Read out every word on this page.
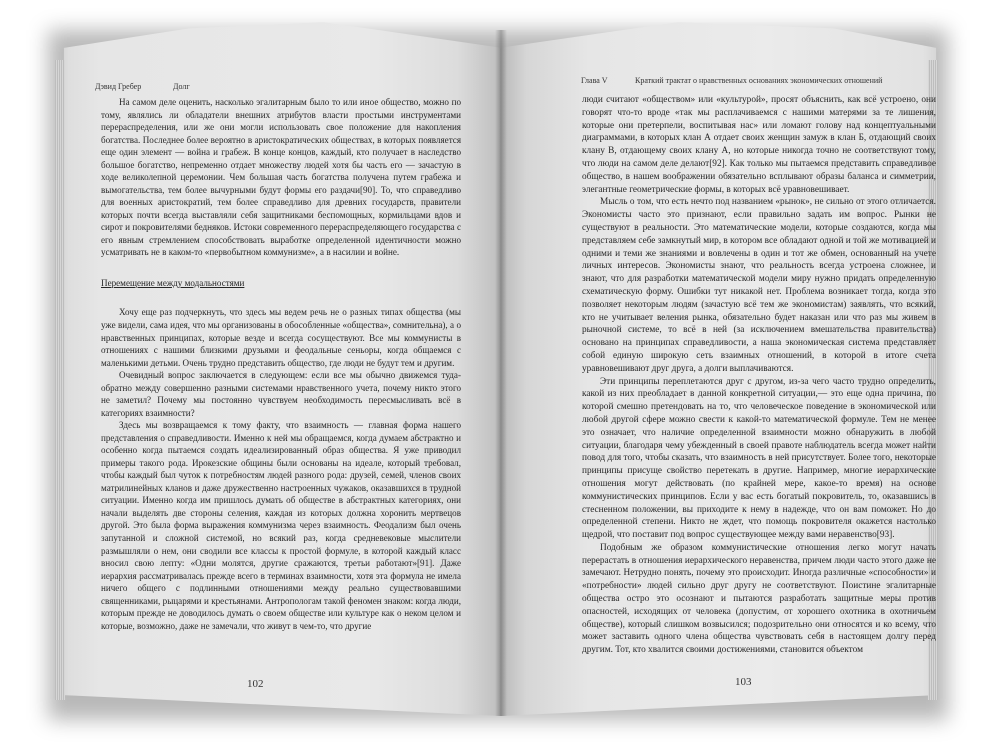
Дэвид Гребер	Долг

На самом деле оценить, насколько эгалитарным было то или иное общество, можно по тому, являлись ли обладатели внешних атрибутов власти простыми инструментами перераспределения, или же они могли использовать свое положение для накопления богатства. Последнее более вероятно в аристократических обществах, в которых появляется еще один элемент — война и грабеж. В конце концов, каждый, кто получает в наследство большое богатство, непременно отдает множеству людей хотя бы часть его — зачастую в ходе великолепной церемонии. Чем большая часть богатства получена путем грабежа и вымогательства, тем более вычурными будут формы его раздачи[90]. То, что справедливо для военных аристократий, тем более справедливо для древних государств, правители которых почти всегда выставляли себя защитниками беспомощных, кормильцами вдов и сирот и покровителями бедняков. Истоки современного перераспределяющего государства с его явным стремлением способствовать выработке определенной идентичности можно усматривать не в каком-то «первобытном коммунизме», а в насилии и войне.

Перемещение между модальностями

Хочу еще раз подчеркнуть, что здесь мы ведем речь не о разных типах общества (мы уже видели, сама идея, что мы организованы в обособленные «общества», сомнительна), а о нравственных принципах, которые везде и всегда сосуществуют. Все мы коммунисты в отношениях с нашими близкими друзьями и феодальные сеньоры, когда общаемся с маленькими детьми. Очень трудно представить общество, где люди не будут тем и другим.

Очевидный вопрос заключается в следующем: если все мы обычно движемся туда-обратно между совершенно разными системами нравственного учета, почему никто этого не заметил? Почему мы постоянно чувствуем необходимость пересмысливать всё в категориях взаимности?

Здесь мы возвращаемся к тому факту, что взаимность — главная форма нашего представления о справедливости. Именно к ней мы обращаемся, когда думаем абстрактно и особенно когда пытаемся создать идеализированный образ общества. Я уже приводил примеры такого рода. Ирокезские общины были основаны на идеале, который требовал, чтобы каждый был чуток к потребностям людей разного рода: друзей, семей, членов своих матрилинейных кланов и даже дружественно настроенных чужаков, оказавшихся в трудной ситуации. Именно когда им пришлось думать об обществе в абстрактных категориях, они начали выделять две стороны селения, каждая из которых должна хоронить мертвецов другой. Это была форма выражения коммунизма через взаимность. Феодализм был очень запутанной и сложной системой, но всякий раз, когда средневековые мыслители размышляли о нем, они сводили все классы к простой формуле, в которой каждый класс вносил свою лепту: «Одни молятся, другие сражаются, третьи работают»[91]. Даже иерархия рассматривалась прежде всего в терминах взаимности, хотя эта формула не имела ничего общего с подлинными отношениями между реально существовавшими священниками, рыцарями и крестьянами. Антропологам такой феномен знаком: когда люди, которым прежде не доводилось думать о своем обществе или культуре как о неком целом и которые, возможно, даже не замечали, что живут в чем-то, что другие

102
Глава V	Краткий трактат о нравственных основаниях экономических отношений

люди считают «обществом» или «культурой», просят объяснить, как всё устроено, они говорят что-то вроде «так мы расплачиваемся с нашими матерями за те лишения, которые они претерпели, воспитывая нас» или ломают голову над концептуальными диаграммами, в которых клан А отдает своих женщин замуж в клан Б, отдающий своих клану В, отдающему своих клану А, но которые никогда точно не соответствуют тому, что люди на самом деле делают[92]. Как только мы пытаемся представить справедливое общество, в нашем воображении обязательно всплывают образы баланса и симметрии, элегантные геометрические формы, в которых всё уравновешивает.

Мысль о том, что есть нечто под названием «рынок», не сильно от этого отличается. Экономисты часто это признают, если правильно задать им вопрос. Рынки не существуют в реальности. Это математические модели, которые создаются, когда мы представляем себе замкнутый мир, в котором все обладают одной и той же мотивацией и одними и теми же знаниями и вовлечены в один и тот же обмен, основанный на учете личных интересов. Экономисты знают, что реальность всегда устроена сложнее, и знают, что для разработки математической модели миру нужно придать определенную схематическую форму. Ошибки тут никакой нет. Проблема возникает тогда, когда это позволяет некоторым людям (зачастую всё тем же экономистам) заявлять, что всякий, кто не учитывает веления рынка, обязательно будет наказан или что раз мы живем в рыночной системе, то всё в ней (за исключением вмешательства правительства) основано на принципах справедливости, а наша экономическая система представляет собой единую широкую сеть взаимных отношений, в которой в итоге счета уравновешивают друг друга, а долги выплачиваются.

Эти принципы переплетаются друг с другом, из-за чего часто трудно определить, какой из них преобладает в данной конкретной ситуации,— это еще одна причина, по которой смешно претендовать на то, что человеческое поведение в экономической или любой другой сфере можно свести к какой-то математической формуле. Тем не менее это означает, что наличие определенной взаимности можно обнаружить в любой ситуации, благодаря чему убежденный в своей правоте наблюдатель всегда может найти повод для того, чтобы сказать, что взаимность в ней присутствует. Более того, некоторые принципы присуще свойство перетекать в другие. Например, многие иерархические отношения могут действовать (по крайней мере, какое-то время) на основе коммунистических принципов. Если у вас есть богатый покровитель, то, оказавшись в стесненном положении, вы приходите к нему в надежде, что он вам поможет. Но до определенной степени. Никто не ждет, что помощь покровителя окажется настолько щедрой, что поставит под вопрос существующее между вами неравенство[93].

Подобным же образом коммунистические отношения легко могут начать перерастать в отношения иерархического неравенства, причем люди часто этого даже не замечают. Нетрудно понять, почему это происходит. Иногда различные «способности» и «потребности» людей сильно друг другу не соответствуют. Поистине эгалитарные общества остро это осознают и пытаются разработать защитные меры против опасностей, исходящих от человека (допустим, от хорошего охотника в охотничьем обществе), который слишком возвысился; подозрительно они относятся и ко всему, что может заставить одного члена общества чувствовать себя в настоящем долгу перед другим. Тот, кто хвалится своими достижениями, становится объектом

103
